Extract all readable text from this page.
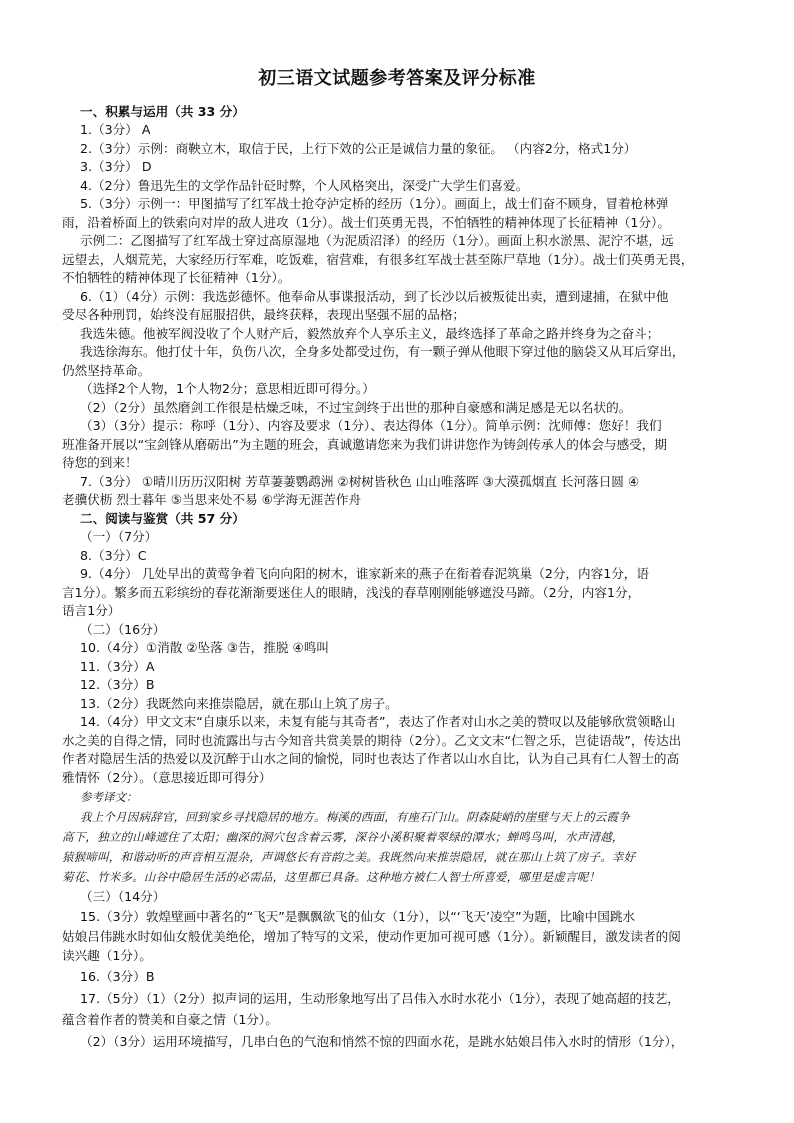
初三语文试题参考答案及评分标准
一、积累与运用（共 33 分）
1.（3分） A
2.（3分）示例：商鞅立木，取信于民，上行下效的公正是诚信力量的象征。 （内容2分，格式1分）
3.（3分） D
4.（2分）鲁迅先生的文学作品针砭时弊，个人风格突出，深受广大学生们喜爱。
5.（3分）示例一：甲图描写了红军战士抢夺泸定桥的经历（1分）。画面上，战士们奋不顾身，冒着枪林弹
雨，沿着桥面上的铁索向对岸的敌人进攻（1分）。战士们英勇无畏，不怕牺牲的精神体现了长征精神（1分）。
示例二：乙图描写了红军战士穿过高原湿地（为泥质沼泽）的经历（1分）。画面上积水淤黑、泥泞不堪，远
远望去，人烟荒芜，大家经历行军难，吃饭难，宿营难，有很多红军战士甚至陈尸草地（1分）。战士们英勇无畏，
不怕牺牲的精神体现了长征精神（1分）。
6.（1）（4分）示例：我选彭德怀。他奉命从事谍报活动，到了长沙以后被叛徒出卖，遭到逮捕，在狱中他
受尽各种刑罚，始终没有屈服招供，最终获释，表现出坚强不屈的品格；
我选朱德。他被军阀没收了个人财产后，毅然放弃个人享乐主义，最终选择了革命之路并终身为之奋斗；
我选徐海东。他打仗十年，负伤八次，全身多处都受过伤，有一颗子弹从他眼下穿过他的脑袋又从耳后穿出，
仍然坚持革命。
（选择2个人物，1个人物2分；意思相近即可得分。）
（2）（2分）虽然磨剑工作很是枯燥乏味，不过宝剑终于出世的那种自豪感和满足感是无以名状的。
（3）（3分）提示：称呼（1分）、内容及要求（1分）、表达得体（1分）。简单示例：沈师傅：您好！我们
班准备开展以“宝剑锋从磨砺出”为主题的班会，真诚邀请您来为我们讲讲您作为铸剑传承人的体会与感受，期
待您的到来！
7.（3分） ①晴川历历汉阳树 芳草萋萋鹦鹉洲 ②树树皆秋色 山山唯落晖 ③大漠孤烟直 长河落日圆 ④
老骥伏枥 烈士暮年 ⑤当思来处不易 ⑥学海无涯苦作舟
二、阅读与鉴赏（共 57 分）
（一）（7分）
8.（3分）C
9.（4分） 几处早出的黄莺争着飞向向阳的树木，谁家新来的燕子在衔着春泥筑巢（2分，内容1分，语
言1分）。繁多而五彩缤纷的春花渐渐要迷住人的眼睛，浅浅的春草刚刚能够遮没马蹄。（2分，内容1分，
语言1分）
（二）（16分）
10.（4分）①消散 ②坠落 ③告，推脱 ④鸣叫
11.（3分）A
12.（3分）B
13.（2分）我既然向来推崇隐居，就在那山上筑了房子。
14.（4分）甲文文末“自康乐以来，未复有能与其奇者”，表达了作者对山水之美的赞叹以及能够欣赏领略山
水之美的自得之情，同时也流露出与古今知音共赏美景的期待（2分）。乙文文末“仁智之乐，岂徒语哉”，传达出
作者对隐居生活的热爱以及沉醉于山水之间的愉悦，同时也表达了作者以山水自比，认为自己具有仁人智士的高
雅情怀（2分）。（意思接近即可得分）
参考译文：
我上个月因病辞官，回到家乡寻找隐居的地方。梅溪的西面，有座石门山。阴森陡峭的崖壁与天上的云霞争
高下，独立的山峰遮住了太阳；幽深的洞穴包含着云雾，深谷小溪积聚着翠绿的潭水；蝉鸣鸟叫，水声清越，
猿猴啼叫，和谐动听的声音相互混杂，声调悠长有音韵之美。我既然向来推崇隐居，就在那山上筑了房子。幸好
菊花、竹米多。山谷中隐居生活的必需品，这里都已具备。这种地方被仁人智士所喜爱，哪里是虚言呢！
（三）（14分）
15.（3分）敦煌壁画中著名的“飞天”是飘飘欲飞的仙女（1分），以“‘飞天’凌空”为题，比喻中国跳水
姑娘吕伟跳水时如仙女般优美绝伦，增加了特写的文采，使动作更加可视可感（1分）。新颖醒目，激发读者的阅
读兴趣（1分）。
16.（3分）B
17.（5分）（1）（2分）拟声词的运用，生动形象地写出了吕伟入水时水花小（1分），表现了她高超的技艺，
蕴含着作者的赞美和自豪之情（1分）。
（2）（3分）运用环境描写，几串白色的气泡和悄然不惊的四面水花，是跳水姑娘吕伟入水时的情形（1分），
